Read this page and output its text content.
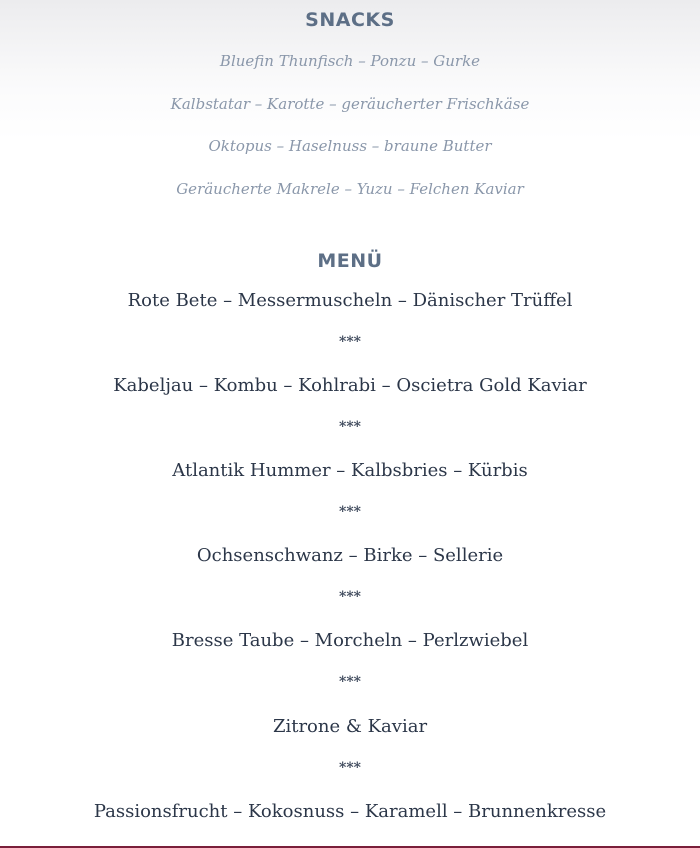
SNACKS
Bluefin Thunfisch – Ponzu – Gurke
Kalbstatar – Karotte – geräucherter Frischkäse
Oktopus – Haselnuss – braune Butter
Geräucherte Makrele – Yuzu – Felchen Kaviar
MENÜ
Rote Bete – Messermuscheln – Dänischer Trüffel
***
Kabeljau – Kombu – Kohlrabi – Oscietra Gold Kaviar
***
Atlantik Hummer – Kalbsbries – Kürbis
***
Ochsenschwanz – Birke – Sellerie
***
Bresse Taube – Morcheln – Perlzwiebel
***
Zitrone & Kaviar
***
Passionsfrucht – Kokosnuss – Karamell – Brunnenkresse
